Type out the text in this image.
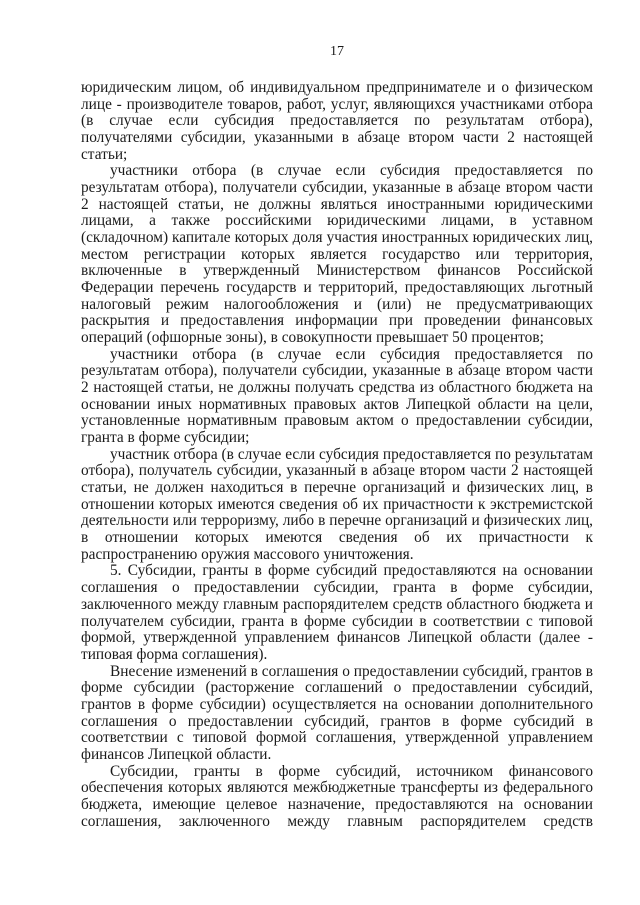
17

юридическим лицом, об индивидуальном предпринимателе и о физическом лице - производителе товаров, работ, услуг, являющихся участниками отбора (в случае если субсидия предоставляется по результатам отбора), получателями субсидии, указанными в абзаце втором части 2 настоящей статьи;

участники отбора (в случае если субсидия предоставляется по результатам отбора), получатели субсидии, указанные в абзаце втором части 2 настоящей статьи, не должны являться иностранными юридическими лицами, а также российскими юридическими лицами, в уставном (складочном) капитале которых доля участия иностранных юридических лиц, местом регистрации которых является государство или территория, включенные в утвержденный Министерством финансов Российской Федерации перечень государств и территорий, предоставляющих льготный налоговый режим налогообложения и (или) не предусматривающих раскрытия и предоставления информации при проведении финансовых операций (офшорные зоны), в совокупности превышает 50 процентов;

участники отбора (в случае если субсидия предоставляется по результатам отбора), получатели субсидии, указанные в абзаце втором части 2 настоящей статьи, не должны получать средства из областного бюджета на основании иных нормативных правовых актов Липецкой области на цели, установленные нормативным правовым актом о предоставлении субсидии, гранта в форме субсидии;

участник отбора (в случае если субсидия предоставляется по результатам отбора), получатель субсидии, указанный в абзаце втором части 2 настоящей статьи, не должен находиться в перечне организаций и физических лиц, в отношении которых имеются сведения об их причастности к экстремистской деятельности или терроризму, либо в перечне организаций и физических лиц, в отношении которых имеются сведения об их причастности к распространению оружия массового уничтожения.

5. Субсидии, гранты в форме субсидий предоставляются на основании соглашения о предоставлении субсидии, гранта в форме субсидии, заключенного между главным распорядителем средств областного бюджета и получателем субсидии, гранта в форме субсидии в соответствии с типовой формой, утвержденной управлением финансов Липецкой области (далее - типовая форма соглашения).

Внесение изменений в соглашения о предоставлении субсидий, грантов в форме субсидии (расторжение соглашений о предоставлении субсидий, грантов в форме субсидии) осуществляется на основании дополнительного соглашения о предоставлении субсидий, грантов в форме субсидий в соответствии с типовой формой соглашения, утвержденной управлением финансов Липецкой области.

Субсидии, гранты в форме субсидий, источником финансового обеспечения которых являются межбюджетные трансферты из федерального бюджета, имеющие целевое назначение, предоставляются на основании соглашения, заключенного между главным распорядителем средств
